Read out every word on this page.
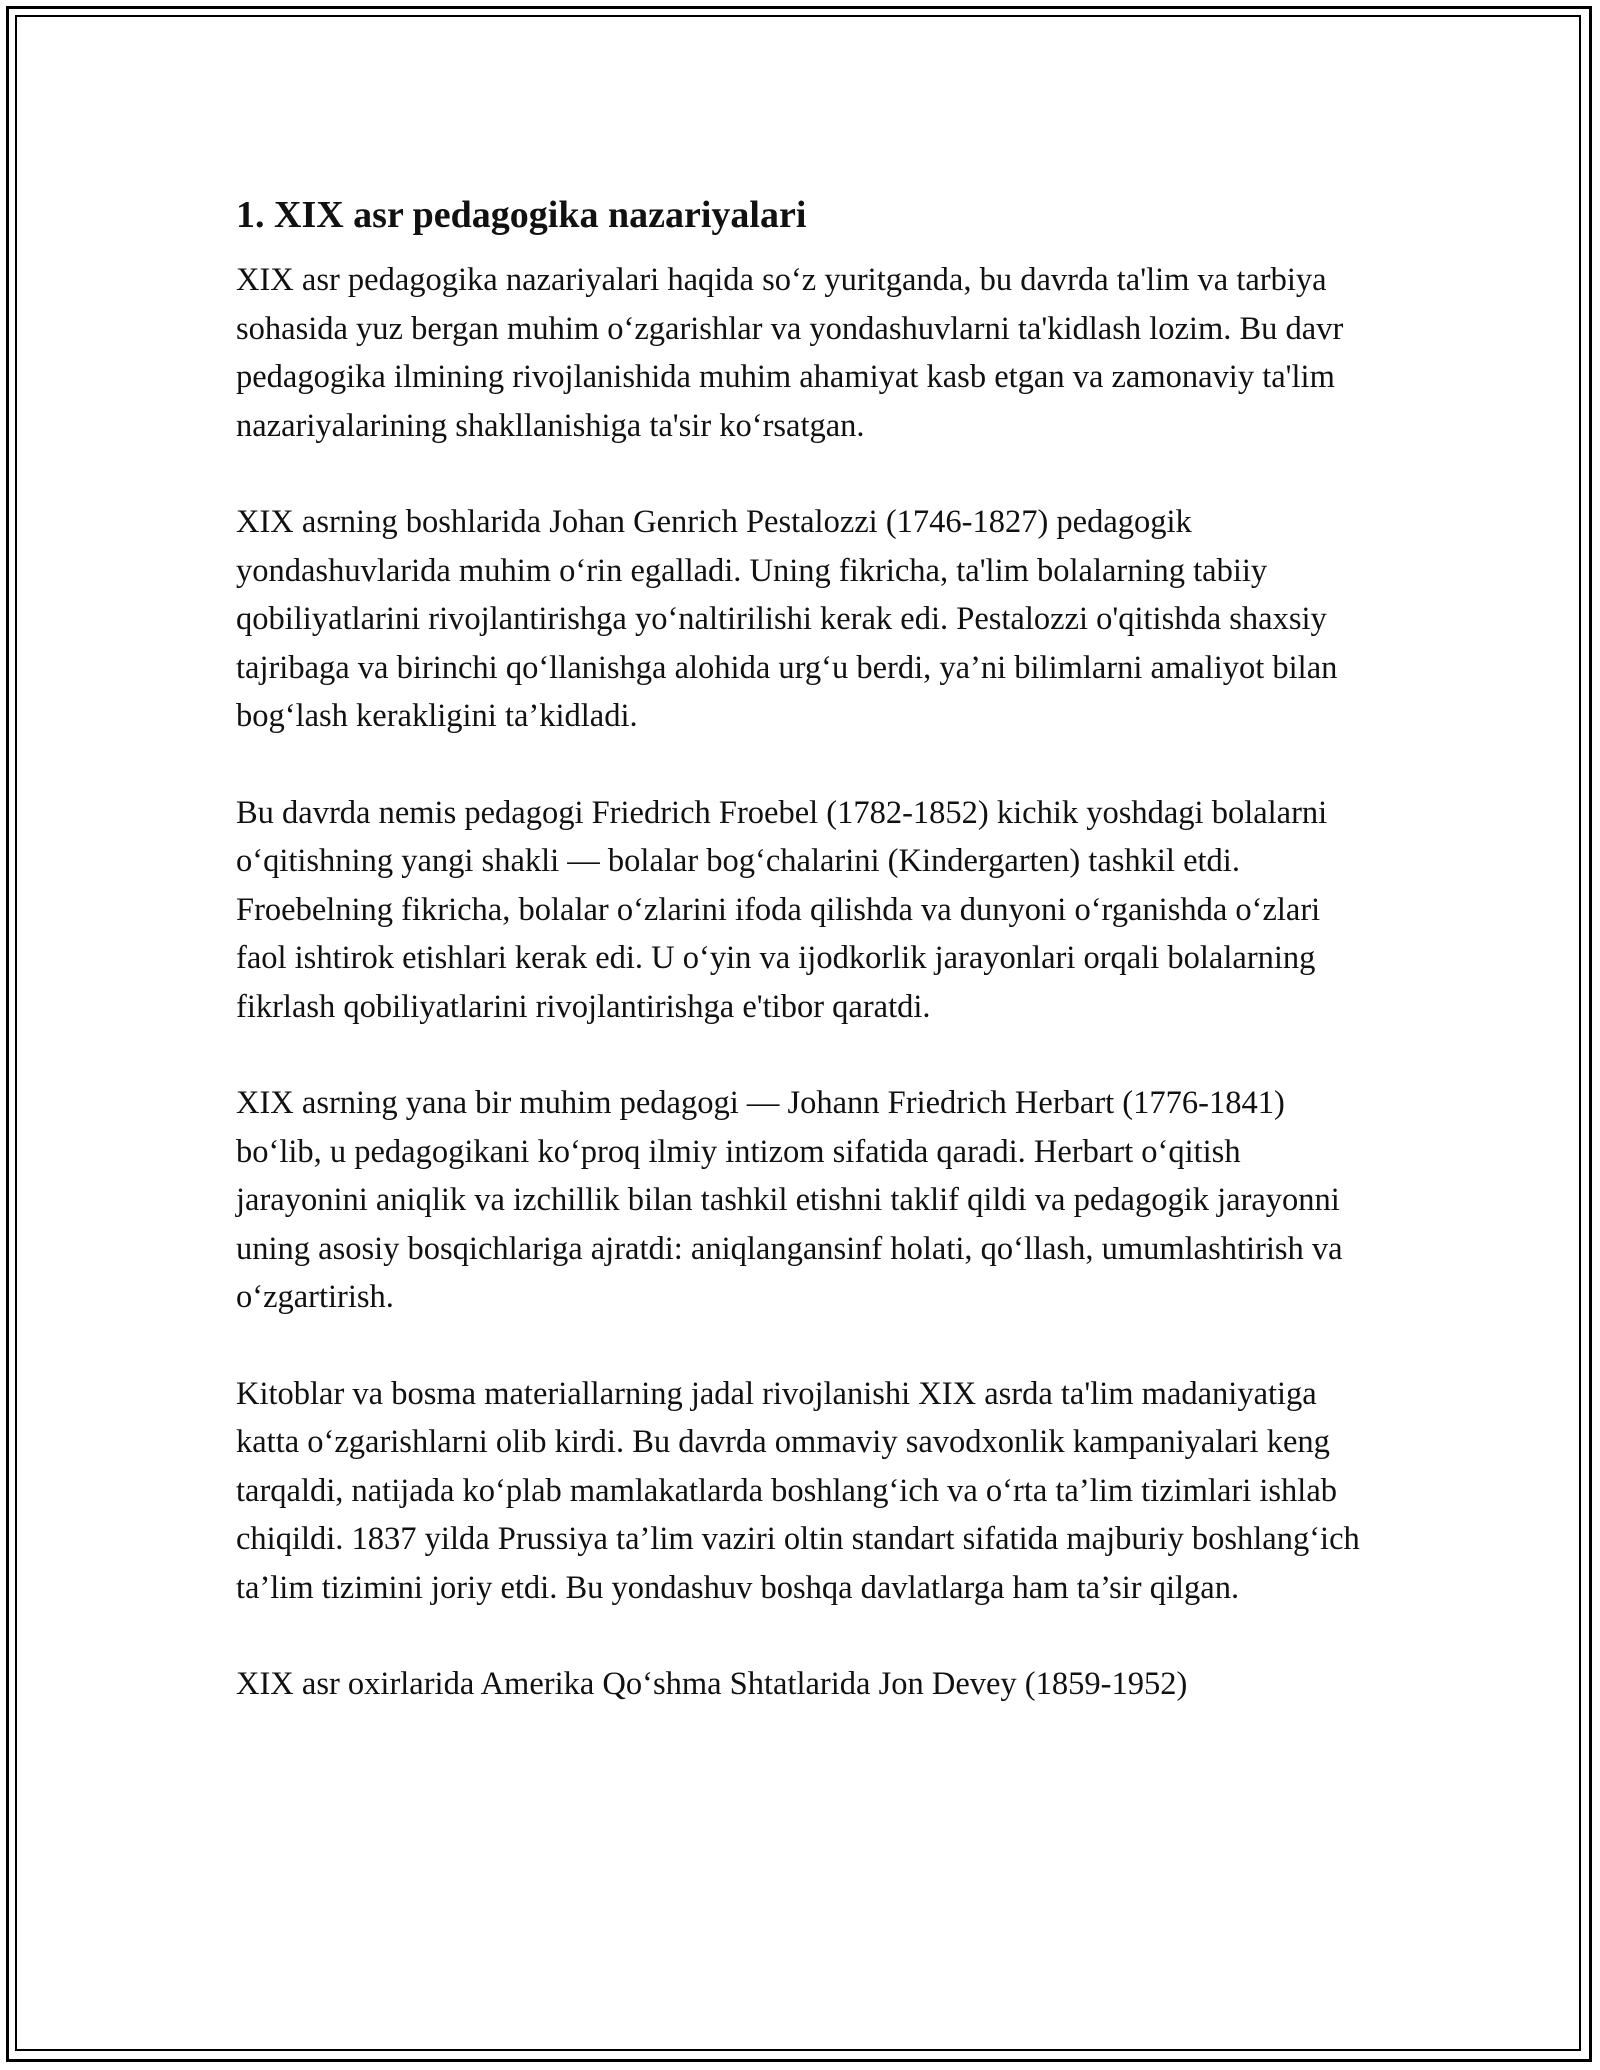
1. XIX asr pedagogika nazariyalari

XIX asr pedagogika nazariyalari haqida so‘z yuritganda, bu davrda ta'lim va tarbiya sohasida yuz bergan muhim o‘zgarishlar va yondashuvlarni ta'kidlash lozim. Bu davr pedagogika ilmining rivojlanishida muhim ahamiyat kasb etgan va zamonaviy ta'lim nazariyalarining shakllanishiga ta'sir ko‘rsatgan.

XIX asrning boshlarida Johan Genrich Pestalozzi (1746-1827) pedagogik yondashuvlarida muhim o‘rin egalladi. Uning fikricha, ta'lim bolalarning tabiiy qobiliyatlarini rivojlantirishga yo‘naltirilishi kerak edi. Pestalozzi o'qitishda shaxsiy tajribaga va birinchi qo‘llanishga alohida urg‘u berdi, ya’ni bilimlarni amaliyot bilan bog‘lash kerakligini ta’kidladi.

Bu davrda nemis pedagogi Friedrich Froebel (1782-1852) kichik yoshdagi bolalarni o‘qitishning yangi shakli — bolalar bog‘chalarini (Kindergarten) tashkil etdi. Froebelning fikricha, bolalar o‘zlarini ifoda qilishda va dunyoni o‘rganishda o‘zlari faol ishtirok etishlari kerak edi. U o‘yin va ijodkorlik jarayonlari orqali bolalarning fikrlash qobiliyatlarini rivojlantirishga e'tibor qaratdi.

XIX asrning yana bir muhim pedagogi — Johann Friedrich Herbart (1776-1841) bo‘lib, u pedagogikani ko‘proq ilmiy intizom sifatida qaradi. Herbart o‘qitish jarayonini aniqlik va izchillik bilan tashkil etishni taklif qildi va pedagogik jarayonni uning asosiy bosqichlariga ajratdi: aniqlangansinf holati, qo‘llash, umumlashtirish va o‘zgartirish.

Kitoblar va bosma materiallarning jadal rivojlanishi XIX asrda ta'lim madaniyatiga katta o‘zgarishlarni olib kirdi. Bu davrda ommaviy savodxonlik kampaniyalari keng tarqaldi, natijada ko‘plab mamlakatlarda boshlang‘ich va o‘rta ta’lim tizimlari ishlab chiqildi. 1837 yilda Prussiya ta’lim vaziri oltin standart sifatida majburiy boshlang‘ich ta’lim tizimini joriy etdi. Bu yondashuv boshqa davlatlarga ham ta’sir qilgan.

XIX asr oxirlarida Amerika Qo‘shma Shtatlarida Jon Devey (1859-1952)
